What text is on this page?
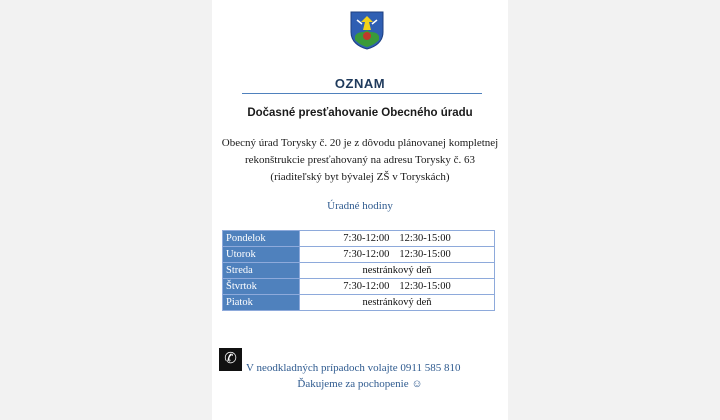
OZNAM
Dočasné presťahovanie Obecného úradu
Obecný úrad Torysky č. 20 je z dôvodu plánovanej kompletnej
rekonštrukcie presťahovaný na adresu Torysky č. 63
(riaditeľský byt bývalej ZŠ v Toryskách)
Úradné hodiny
Pondelok	7:30-12:00 12:30-15:00
Utorok	7:30-12:00 12:30-15:00
Streda	nestránkový deň
Štvrtok	7:30-12:00 12:30-15:00
Piatok	nestránkový deň
✆
V neodkladných prípadoch volajte 0911 585 810
Ďakujeme za pochopenie ☺
